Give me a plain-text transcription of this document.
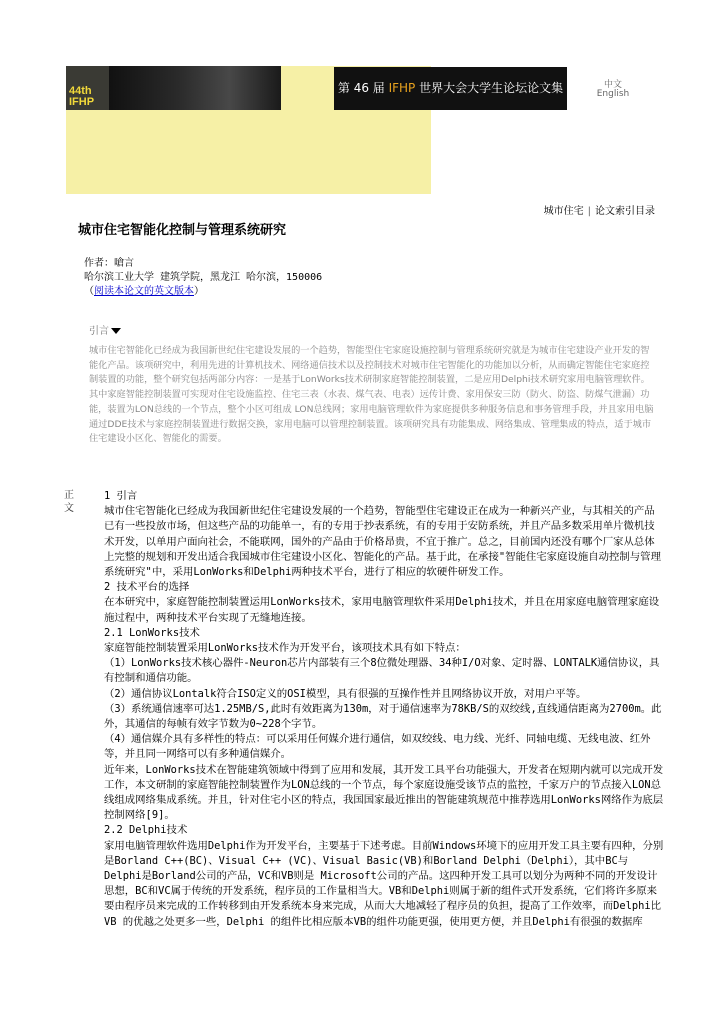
44th
IFHP
第 46 届 IFHP 世界大会大学生论坛论文集	中文
English
城市住宅 | 论文索引目录
城市住宅智能化控制与管理系统研究
作者：嗆言
哈尔滨工业大学 建筑学院，黑龙江 哈尔滨，150006
（阅读本论文的英文版本）
引言
城市住宅智能化已经成为我国新世纪住宅建设发展的一个趋势，智能型住宅家庭设施控制与管理系统研究就是为城市住宅建设产业开发的智能化产品。该项研究中，利用先进的计算机技术、网络通信技术以及控制技术对城市住宅智能化的功能加以分析，从而确定智能住宅家庭控制装置的功能，整个研究包括两部分内容：一是基于LonWorks技术研制家庭智能控制装置，二是应用Delphi技术研究家用电脑管理软件。其中家庭智能控制装置可实现对住宅设施监控、住宅三表（水表、煤气表、电表）远传计费、家用保安三防（防火、防盗、防煤气泄漏）功能，装置为LON总线的一个节点，整个小区可组成 LON总线网；家用电脑管理软件为家庭提供多种服务信息和事务管理手段，并且家用电脑通过DDE技术与家庭控制装置进行数据交换，家用电脑可以管理控制装置。该项研究具有功能集成、网络集成、管理集成的特点，适于城市住宅建设小区化、智能化的需要。
正
文

1 引言

城市住宅智能化已经成为我国新世纪住宅建设发展的一个趋势，智能型住宅建设正在成为一种新兴产业，与其相关的产品已有一些投放市场，但这些产品的功能单一，有的专用于抄表系统，有的专用于安防系统，并且产品多数采用单片微机技术开发，以单用户面向社会，不能联网，国外的产品由于价格昂贵，不宜于推广。总之，目前国内还没有哪个厂家从总体上完整的规划和开发出适合我国城市住宅建设小区化、智能化的产品。基于此，在承接"智能住宅家庭设施自动控制与管理系统研究"中，采用LonWorks和Delphi两种技术平台，进行了相应的软硬件研发工作。

2 技术平台的选择

在本研究中，家庭智能控制装置运用LonWorks技术，家用电脑管理软件采用Delphi技术，并且在用家庭电脑管理家庭设施过程中，两种技术平台实现了无缝地连接。

2.1 LonWorks技术

家庭智能控制装置采用LonWorks技术作为开发平台，该项技术具有如下特点：

（1）LonWorks技术核心器件-Neuron芯片内部装有三个8位微处理器、34种I/O对象、定时器、LONTALK通信协议，具有控制和通信功能。

（2）通信协议Lontalk符合ISO定义的OSI模型，具有很强的互操作性并且网络协议开放，对用户平等。

（3）系统通信速率可达1.25MB/S,此时有效距离为130m，对于通信速率为78KB/S的双绞线,直线通信距离为2700m。此外，其通信的每帧有效字节数为0~228个字节。

（4）通信媒介具有多样性的特点：可以采用任何媒介进行通信，如双绞线、电力线、光纤、同轴电缆、无线电波、红外等，并且同一网络可以有多种通信媒介。

近年来，LonWorks技术在智能建筑领域中得到了应用和发展，其开发工具平台功能强大，开发者在短期内就可以完成开发工作，本文研制的家庭智能控制装置作为LON总线的一个节点，每个家庭设施受该节点的监控，千家万户的节点接入LON总线组成网络集成系统。并且，针对住宅小区的特点，我国国家最近推出的智能建筑规范中推荐选用LonWorks网络作为底层控制网络[9]。

2.2 Delphi技术

家用电脑管理软件选用Delphi作为开发平台，主要基于下述考虑。目前Windows环境下的应用开发工具主要有四种，分别是Borland C++(BC)、Visual C++ (VC)、Visual Basic(VB)和Borland Delphi（Delphi），其中BC与Delphi是Borland公司的产品，VC和VB则是 Microsoft公司的产品。这四种开发工具可以划分为两种不同的开发设计思想，BC和VC属于传统的开发系统，程序员的工作量相当大。VB和Delphi则属于新的组件式开发系统，它们将许多原来要由程序员来完成的工作转移到由开发系统本身来完成，从而大大地减轻了程序员的负担，提高了工作效率，而Delphi比VB 的优越之处更多一些，Delphi 的组件比相应版本VB的组件功能更强，使用更方便，并且Delphi有很强的数据库
